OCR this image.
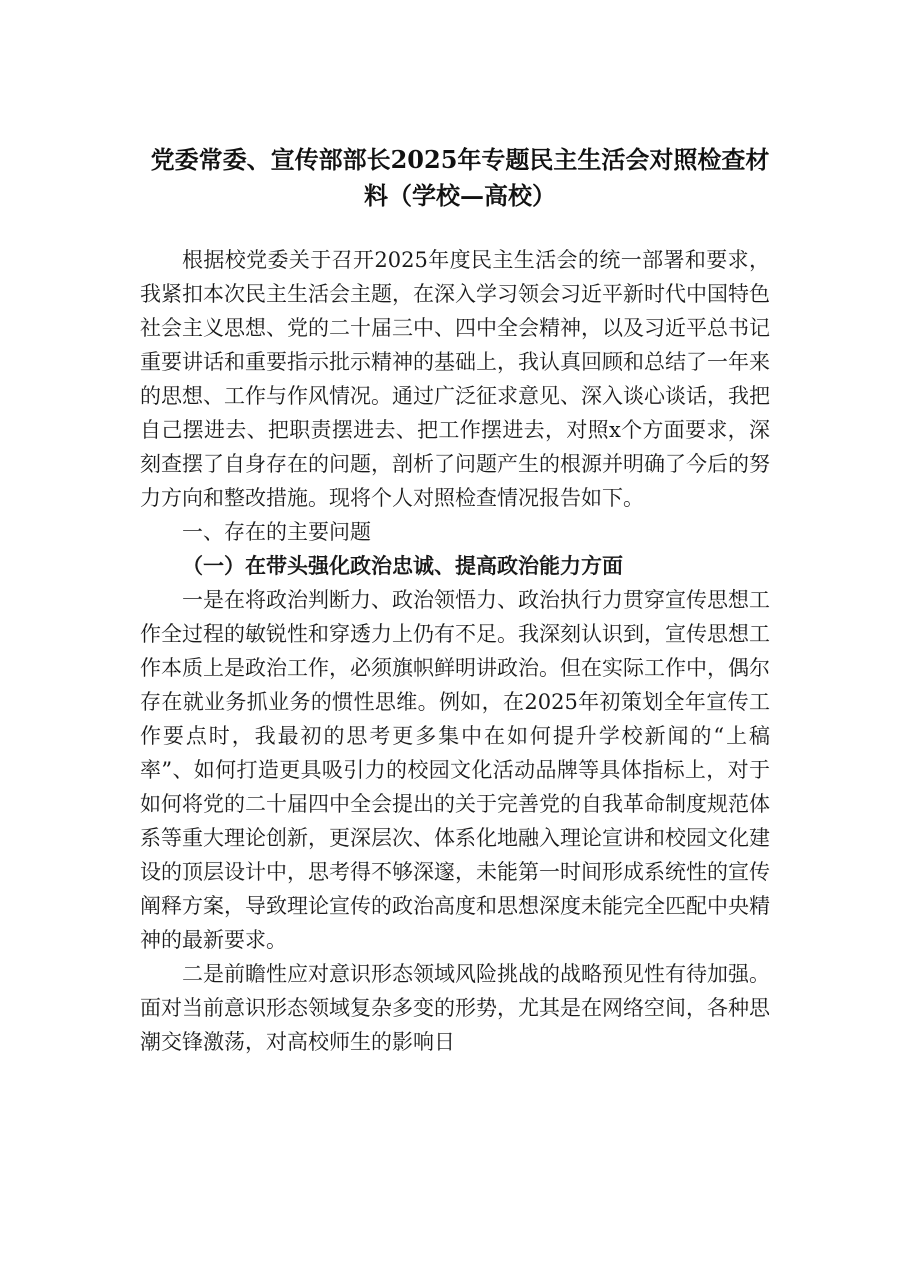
党委常委、宣传部部长2025年专题民主生活会对照检查材料（学校—高校）

根据校党委关于召开2025年度民主生活会的统一部署和要求，我紧扣本次民主生活会主题，在深入学习领会习近平新时代中国特色社会主义思想、党的二十届三中、四中全会精神，以及习近平总书记重要讲话和重要指示批示精神的基础上，我认真回顾和总结了一年来的思想、工作与作风情况。通过广泛征求意见、深入谈心谈话，我把自己摆进去、把职责摆进去、把工作摆进去，对照x个方面要求，深刻查摆了自身存在的问题，剖析了问题产生的根源并明确了今后的努力方向和整改措施。现将个人对照检查情况报告如下。

一、存在的主要问题

（一）在带头强化政治忠诚、提高政治能力方面

一是在将政治判断力、政治领悟力、政治执行力贯穿宣传思想工作全过程的敏锐性和穿透力上仍有不足。我深刻认识到，宣传思想工作本质上是政治工作，必须旗帜鲜明讲政治。但在实际工作中，偶尔存在就业务抓业务的惯性思维。例如，在2025年初策划全年宣传工作要点时，我最初的思考更多集中在如何提升学校新闻的“上稿率”、如何打造更具吸引力的校园文化活动品牌等具体指标上，对于如何将党的二十届四中全会提出的关于完善党的自我革命制度规范体系等重大理论创新，更深层次、体系化地融入理论宣讲和校园文化建设的顶层设计中，思考得不够深邃，未能第一时间形成系统性的宣传阐释方案，导致理论宣传的政治高度和思想深度未能完全匹配中央精神的最新要求。

二是前瞻性应对意识形态领域风险挑战的战略预见性有待加强。面对当前意识形态领域复杂多变的形势，尤其是在网络空间，各种思潮交锋激荡，对高校师生的影响日
